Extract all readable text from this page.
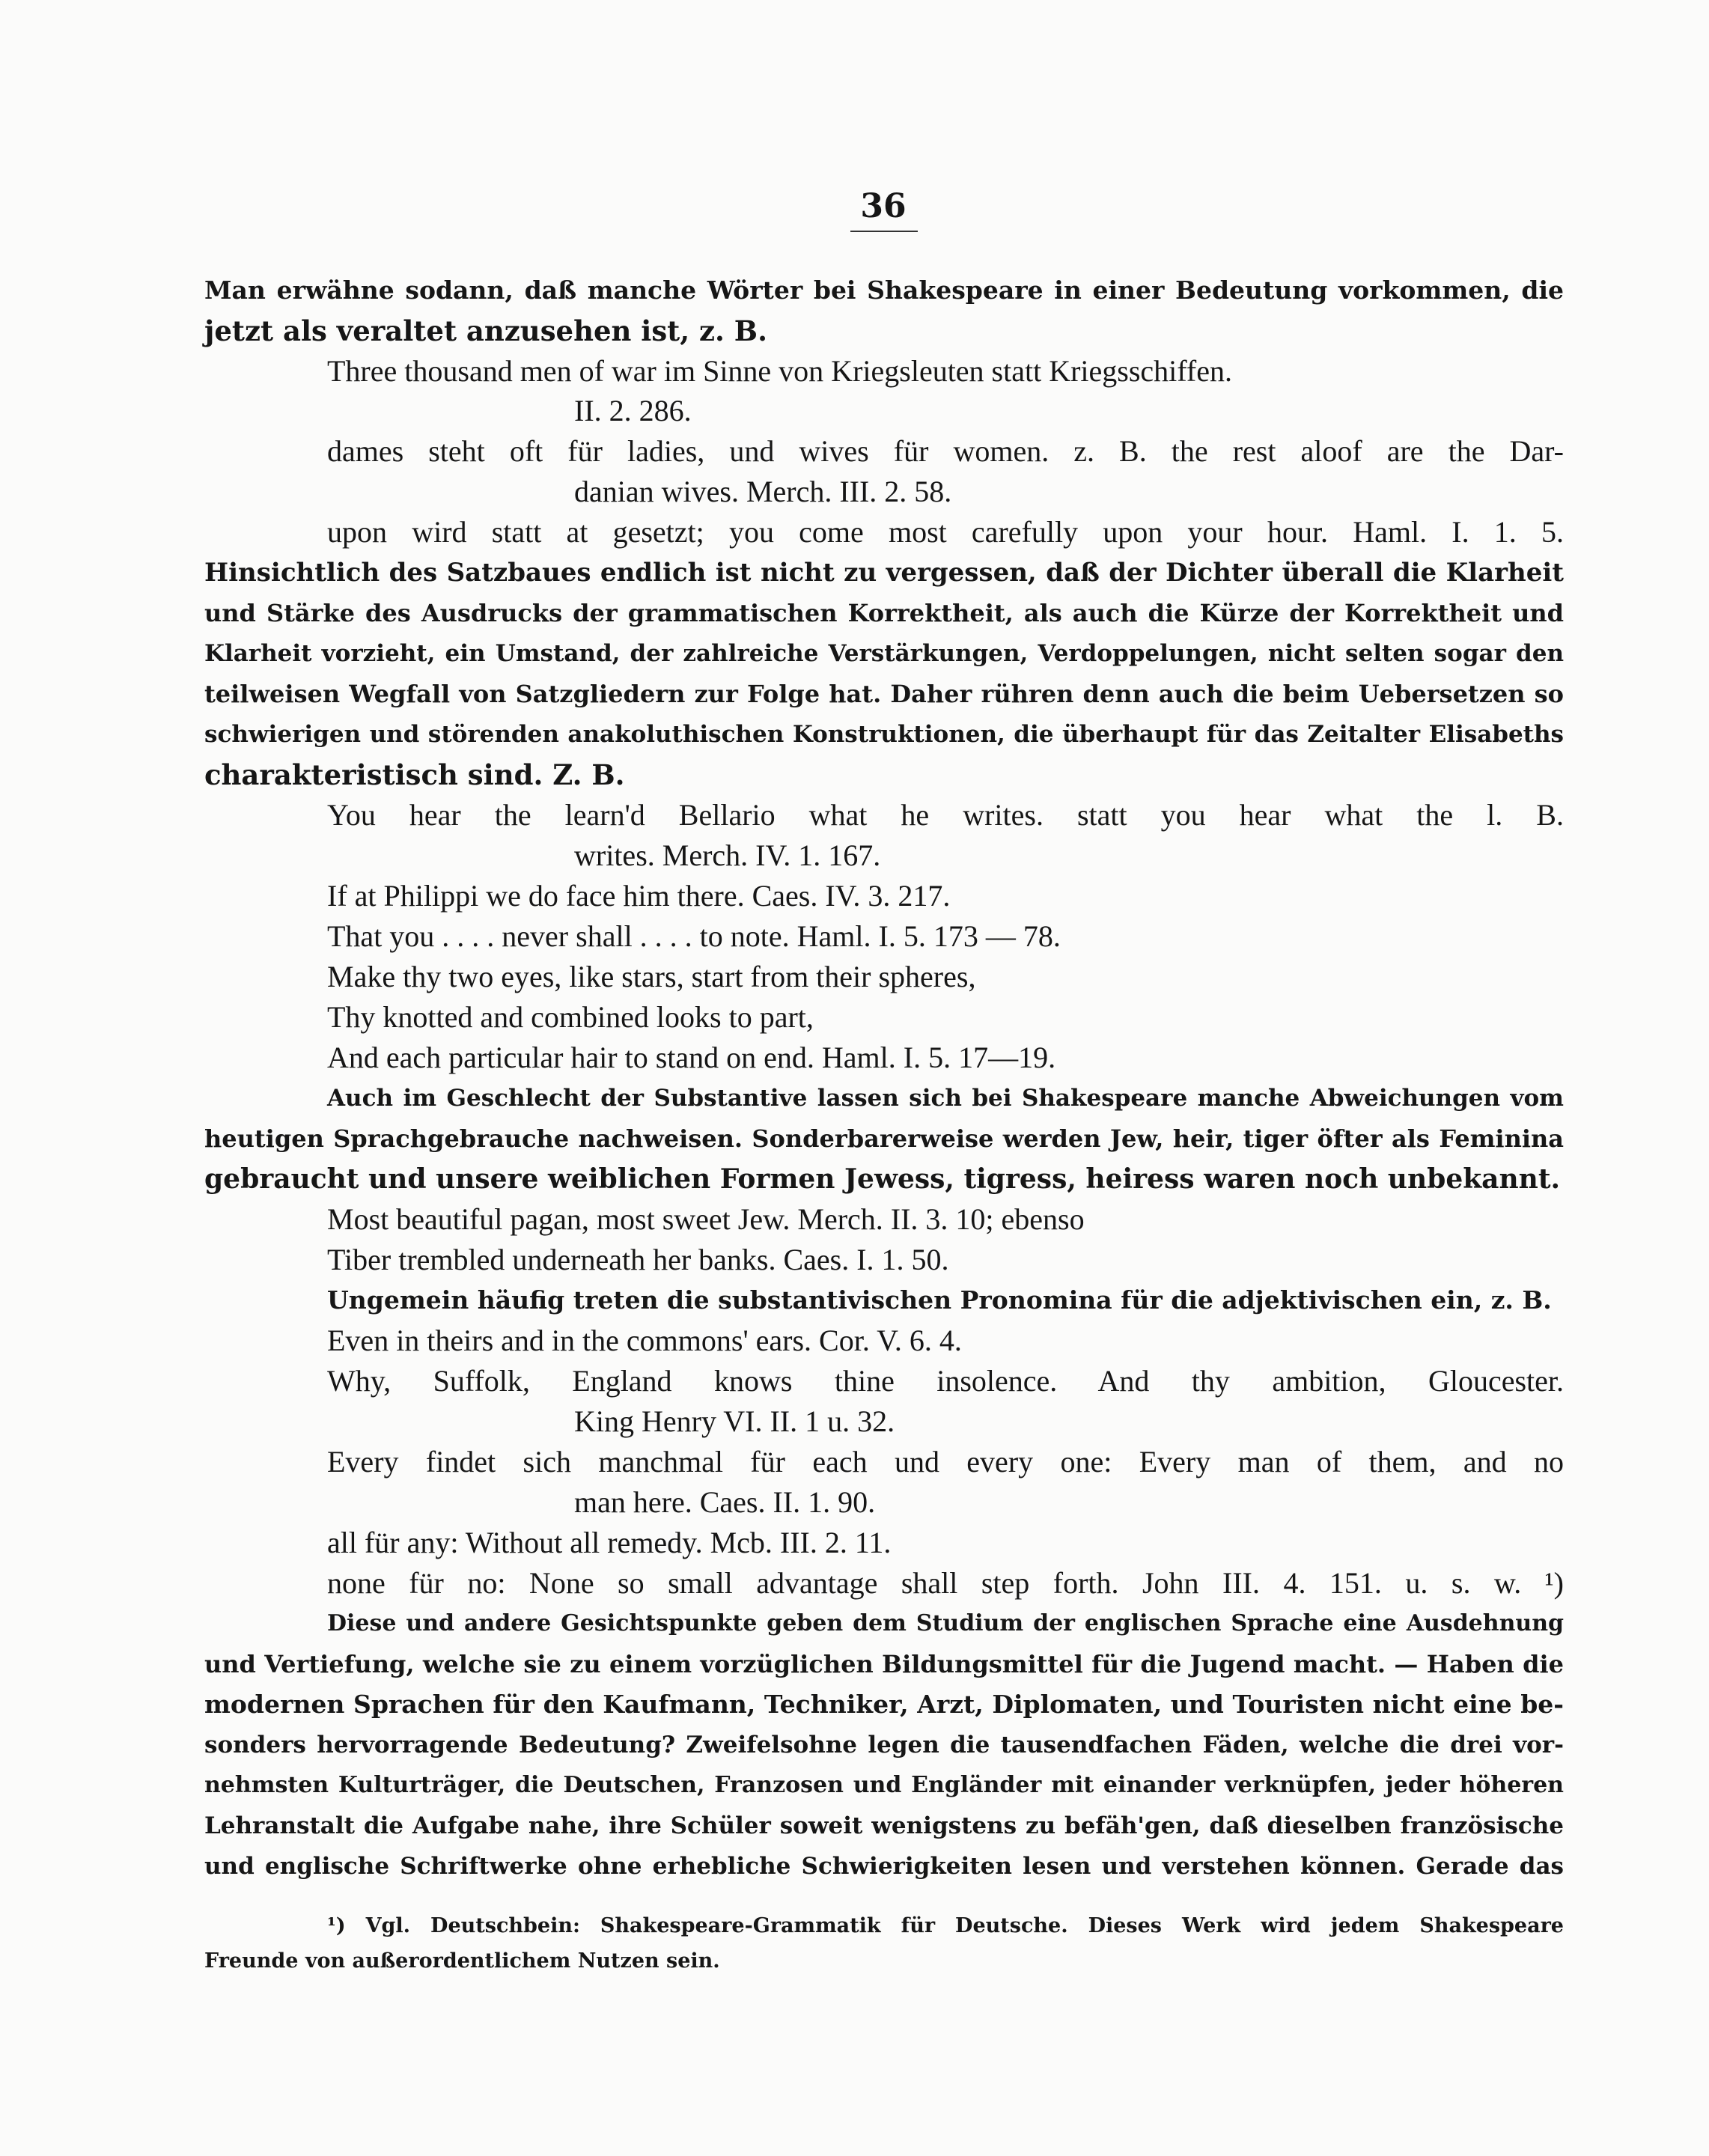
36
Man erwähne sodann, daß manche Wörter bei Shakespeare in einer Bedeutung vorkommen, die
jetzt als veraltet anzusehen ist, z. B.
Three thousand men of war im Sinne von Kriegsleuten statt Kriegsschiffen.
II. 2. 286.
dames steht oft für ladies, und wives für women. z. B. the rest aloof are the Dar-
danian wives. Merch. III. 2. 58.
upon wird statt at gesetzt; you come most carefully upon your hour. Haml. I. 1. 5.
Hinsichtlich des Satzbaues endlich ist nicht zu vergessen, daß der Dichter überall die Klarheit
und Stärke des Ausdrucks der grammatischen Korrektheit, als auch die Kürze der Korrektheit und
Klarheit vorzieht, ein Umstand, der zahlreiche Verstärkungen, Verdoppelungen, nicht selten sogar den
teilweisen Wegfall von Satzgliedern zur Folge hat. Daher rühren denn auch die beim Uebersetzen so
schwierigen und störenden anakoluthischen Konstruktionen, die überhaupt für das Zeitalter Elisabeths
charakteristisch sind. Z. B.
You hear the learn'd Bellario what he writes. statt you hear what the l. B.
writes. Merch. IV. 1. 167.
If at Philippi we do face him there. Caes. IV. 3. 217.
That you . . . . never shall . . . . to note. Haml. I. 5. 173 — 78.
Make thy two eyes, like stars, start from their spheres,
Thy knotted and combined looks to part,
And each particular hair to stand on end. Haml. I. 5. 17—19.
Auch im Geschlecht der Substantive lassen sich bei Shakespeare manche Abweichungen vom
heutigen Sprachgebrauche nachweisen. Sonderbarerweise werden Jew, heir, tiger öfter als Feminina
gebraucht und unsere weiblichen Formen Jewess, tigress, heiress waren noch unbekannt.
Most beautiful pagan, most sweet Jew. Merch. II. 3. 10; ebenso
Tiber trembled underneath her banks. Caes. I. 1. 50.
Ungemein häufig treten die substantivischen Pronomina für die adjektivischen ein, z. B.
Even in theirs and in the commons' ears. Cor. V. 6. 4.
Why, Suffolk, England knows thine insolence. And thy ambition, Gloucester.
King Henry VI. II. 1 u. 32.
Every findet sich manchmal für each und every one: Every man of them, and no
man here. Caes. II. 1. 90.
all für any: Without all remedy. Mcb. III. 2. 11.
none für no: None so small advantage shall step forth. John III. 4. 151. u. s. w. ¹)
Diese und andere Gesichtspunkte geben dem Studium der englischen Sprache eine Ausdehnung
und Vertiefung, welche sie zu einem vorzüglichen Bildungsmittel für die Jugend macht. — Haben die
modernen Sprachen für den Kaufmann, Techniker, Arzt, Diplomaten, und Touristen nicht eine be-
sonders hervorragende Bedeutung? Zweifelsohne legen die tausendfachen Fäden, welche die drei vor-
nehmsten Kulturträger, die Deutschen, Franzosen und Engländer mit einander verknüpfen, jeder höheren
Lehranstalt die Aufgabe nahe, ihre Schüler soweit wenigstens zu befäh'gen, daß dieselben französische
und englische Schriftwerke ohne erhebliche Schwierigkeiten lesen und verstehen können. Gerade das
¹) Vgl. Deutschbein: Shakespeare-Grammatik für Deutsche. Dieses Werk wird jedem Shakespeare
Freunde von außerordentlichem Nutzen sein.
